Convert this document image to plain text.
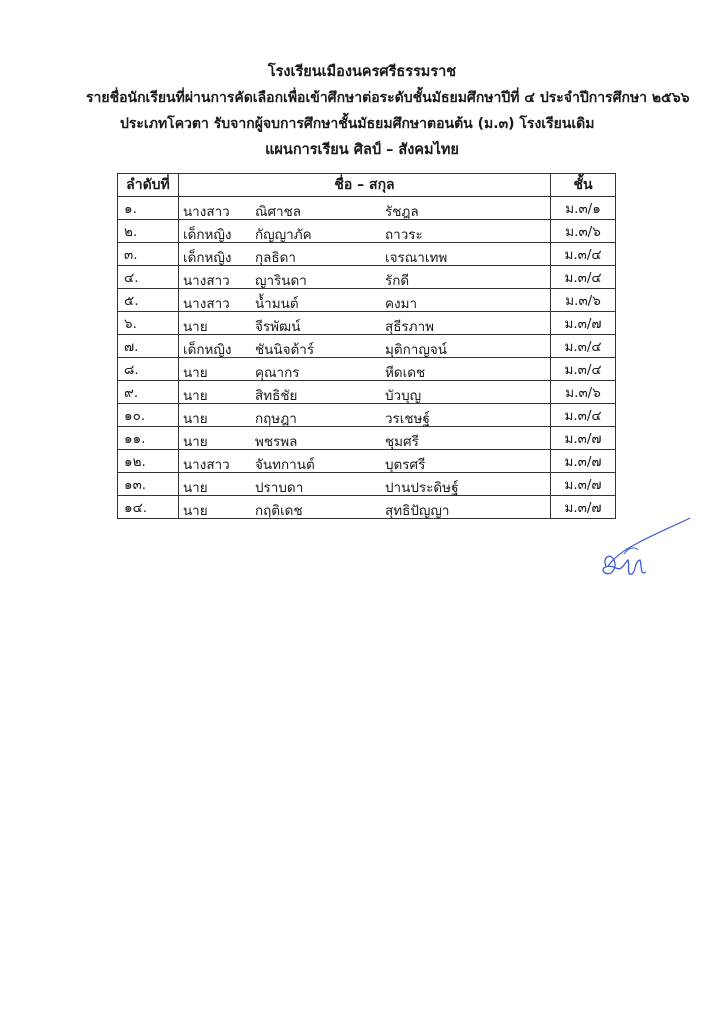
โรงเรียนเมืองนครศรีธรรมราช
รายชื่อนักเรียนที่ผ่านการคัดเลือกเพื่อเข้าศึกษาต่อระดับชั้นมัธยมศึกษาปีที่ ๔ ประจำปีการศึกษา ๒๕๖๖
ประเภทโควตา รับจากผู้จบการศึกษาชั้นมัธยมศึกษาตอนต้น (ม.๓) โรงเรียนเดิม
แผนการเรียน ศิลป์ – สังคมไทย
ลำดับที่	ชื่อ – สกุล	ชั้น
๑.	นางสาว ณิศาชล รัชฎล	ม.๓/๑
๒.	เด็กหญิง กัญญาภัค ถาวระ	ม.๓/๖
๓.	เด็กหญิง กุลธิดา เจรณาเทพ	ม.๓/๔
๔.	นางสาว ญารินดา รักดี	ม.๓/๔
๕.	นางสาว น้ำมนต์ คงมา	ม.๓/๖
๖.	นาย จีรพัฒน์ สุธีรภาพ	ม.๓/๗
๗.	เด็กหญิง ชันนิจต้าร์ มุติกาญจน์	ม.๓/๔
๘.	นาย คุณากร หีดเดช	ม.๓/๔
๙.	นาย สิทธิชัย บัวบุญ	ม.๓/๖
๑๐.	นาย กฤษฎา วรเชษฐ์	ม.๓/๔
๑๑.	นาย พชรพล ชุมศรี	ม.๓/๗
๑๒.	นางสาว จันทกานต์ บุตรศรี	ม.๓/๗
๑๓.	นาย ปราบดา ปานประดิษฐ์	ม.๓/๗
๑๔.	นาย กฤติเดช สุทธิปัญญา	ม.๓/๗
